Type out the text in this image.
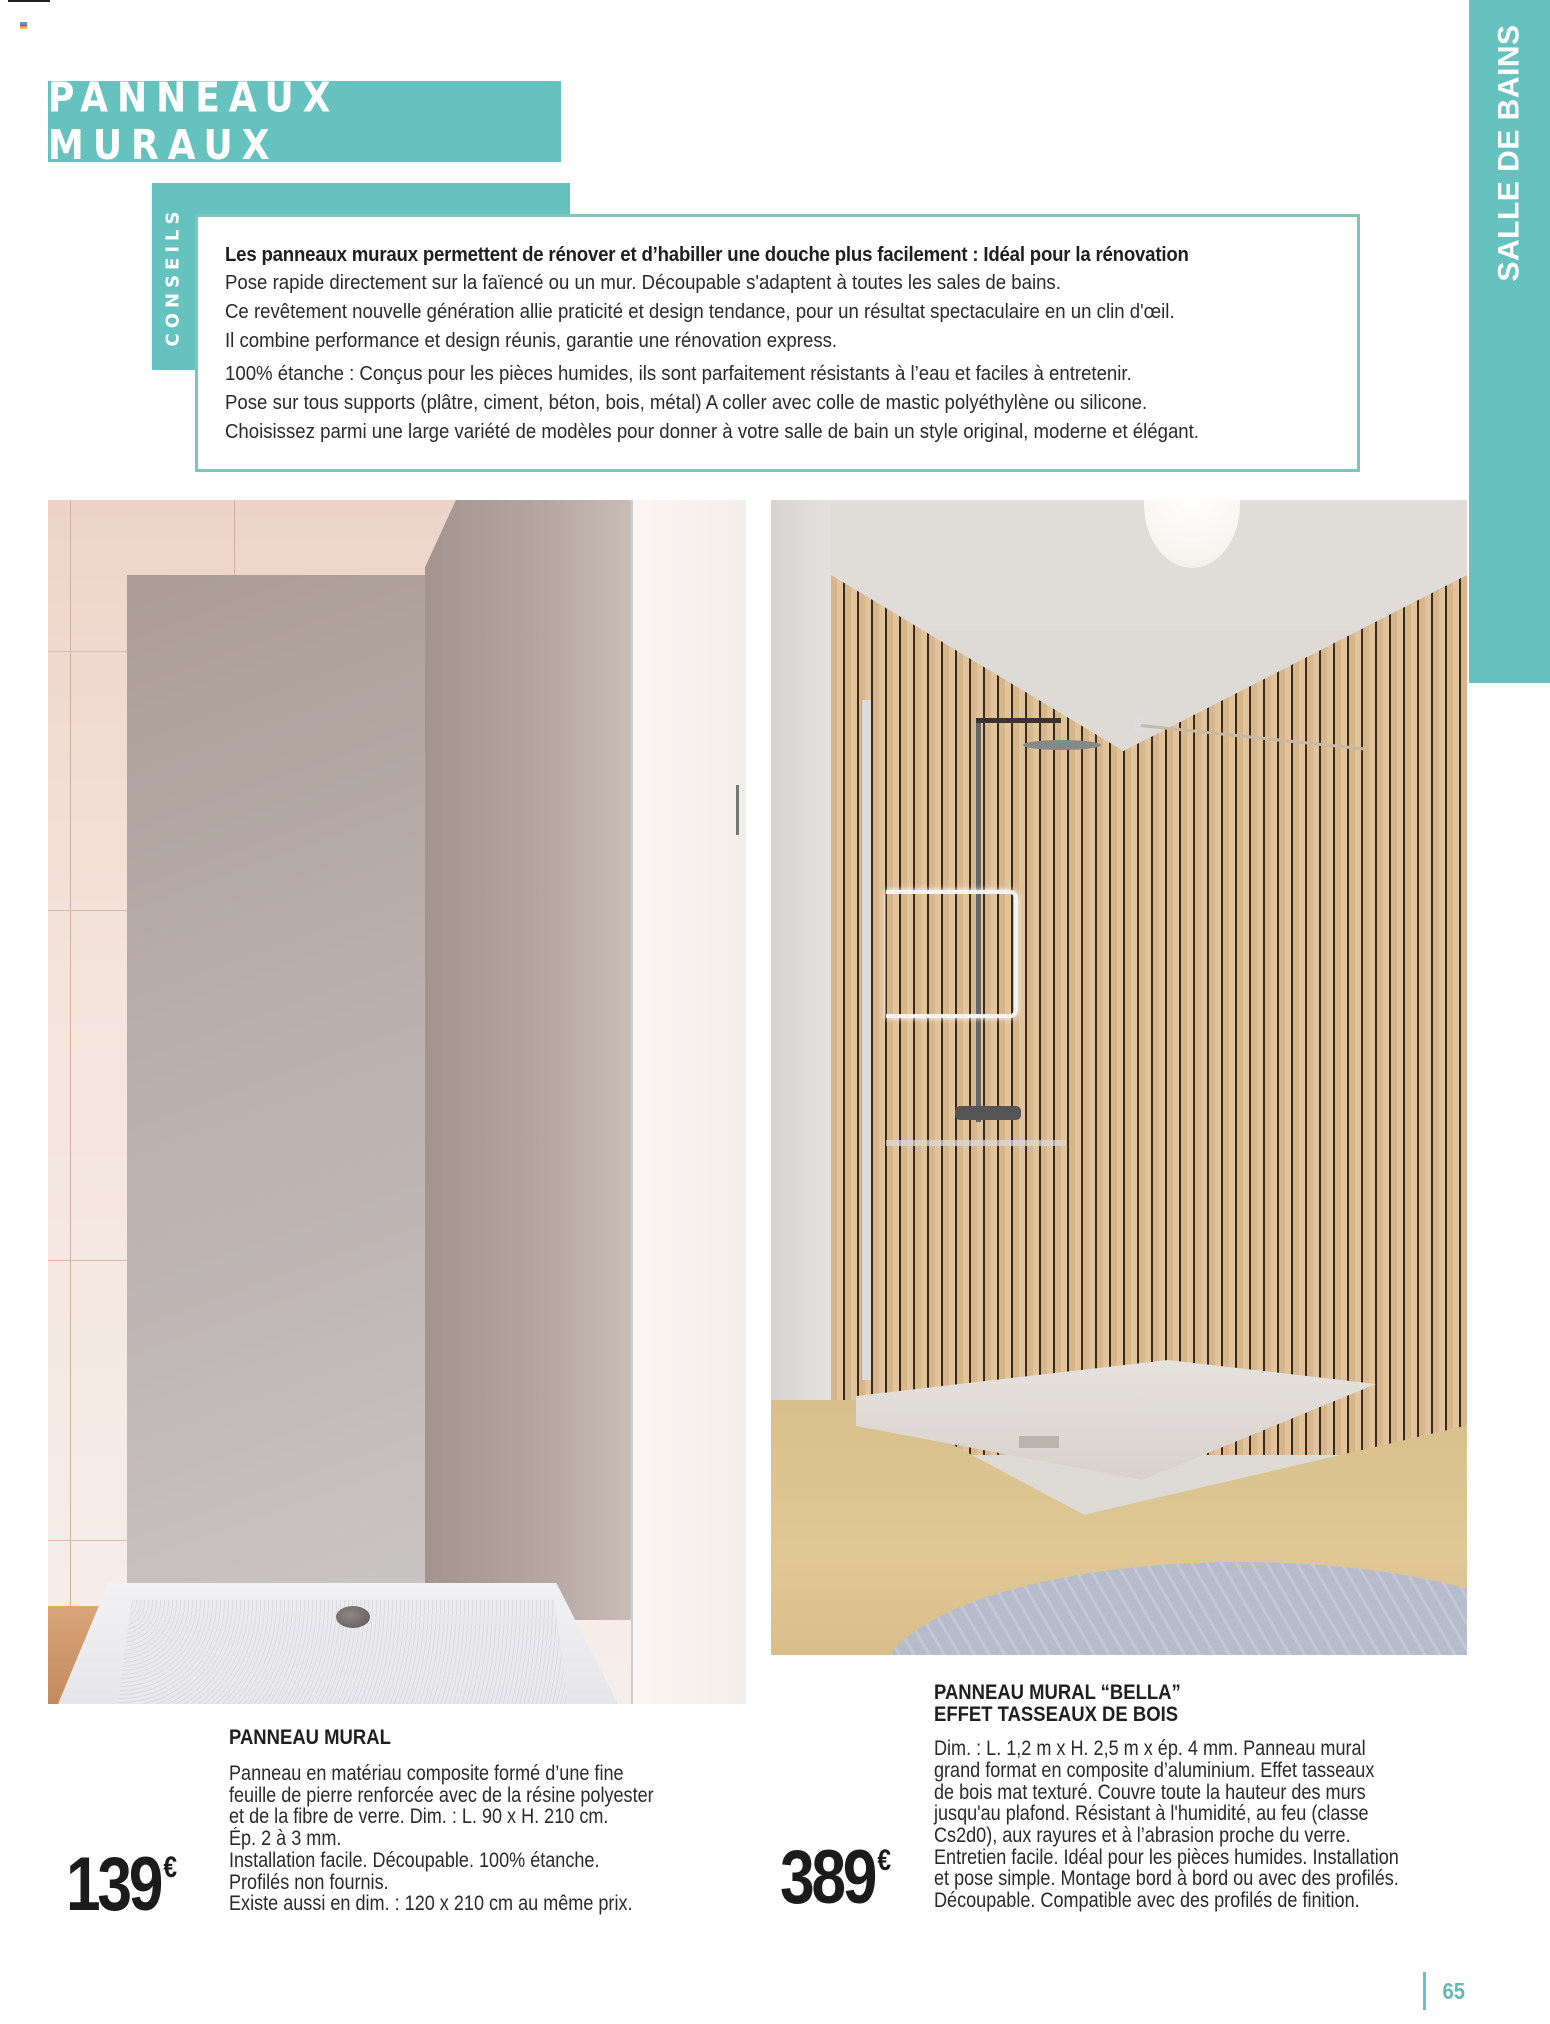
PANNEAUX MURAUX	SALLE DE BAINS
CONSEILS Les panneaux muraux permettent de rénover et d’habiller une douche plus facilement : Idéal pour la rénovation
Pose rapide directement sur la faïencé ou un mur. Découpable s'adaptent à toutes les sales de bains.
Ce revêtement nouvelle génération allie praticité et design tendance, pour un résultat spectaculaire en un clin d'œil.
Il combine performance et design réunis, garantie une rénovation express.
100% étanche : Conçus pour les pièces humides, ils sont parfaitement résistants à l’eau et faciles à entretenir.
Pose sur tous supports (plâtre, ciment, béton, bois, métal) A coller avec colle de mastic polyéthylène ou silicone.
Choisissez parmi une large variété de modèles pour donner à votre salle de bain un style original, moderne et élégant.
PANNEAU MURAL
Panneau en matériau composite formé d’une fine
feuille de pierre renforcée avec de la résine polyester
et de la fibre de verre. Dim. : L. 90 x H. 210 cm.
Ép. 2 à 3 mm.
Installation facile. Découpable. 100% étanche.
Profilés non fournis.
Existe aussi en dim. : 120 x 210 cm au même prix.
139 €
PANNEAU MURAL “BELLA”
EFFET TASSEAUX DE BOIS
Dim. : L. 1,2 m x H. 2,5 m x ép. 4 mm. Panneau mural
grand format en composite d’aluminium. Effet tasseaux
de bois mat texturé. Couvre toute la hauteur des murs
jusqu'au plafond. Résistant à l'humidité, au feu (classe
Cs2d0), aux rayures et à l’abrasion proche du verre.
Entretien facile. Idéal pour les pièces humides. Installation
et pose simple. Montage bord à bord ou avec des profilés.
Découpable. Compatible avec des profilés de finition.
389 €
65
